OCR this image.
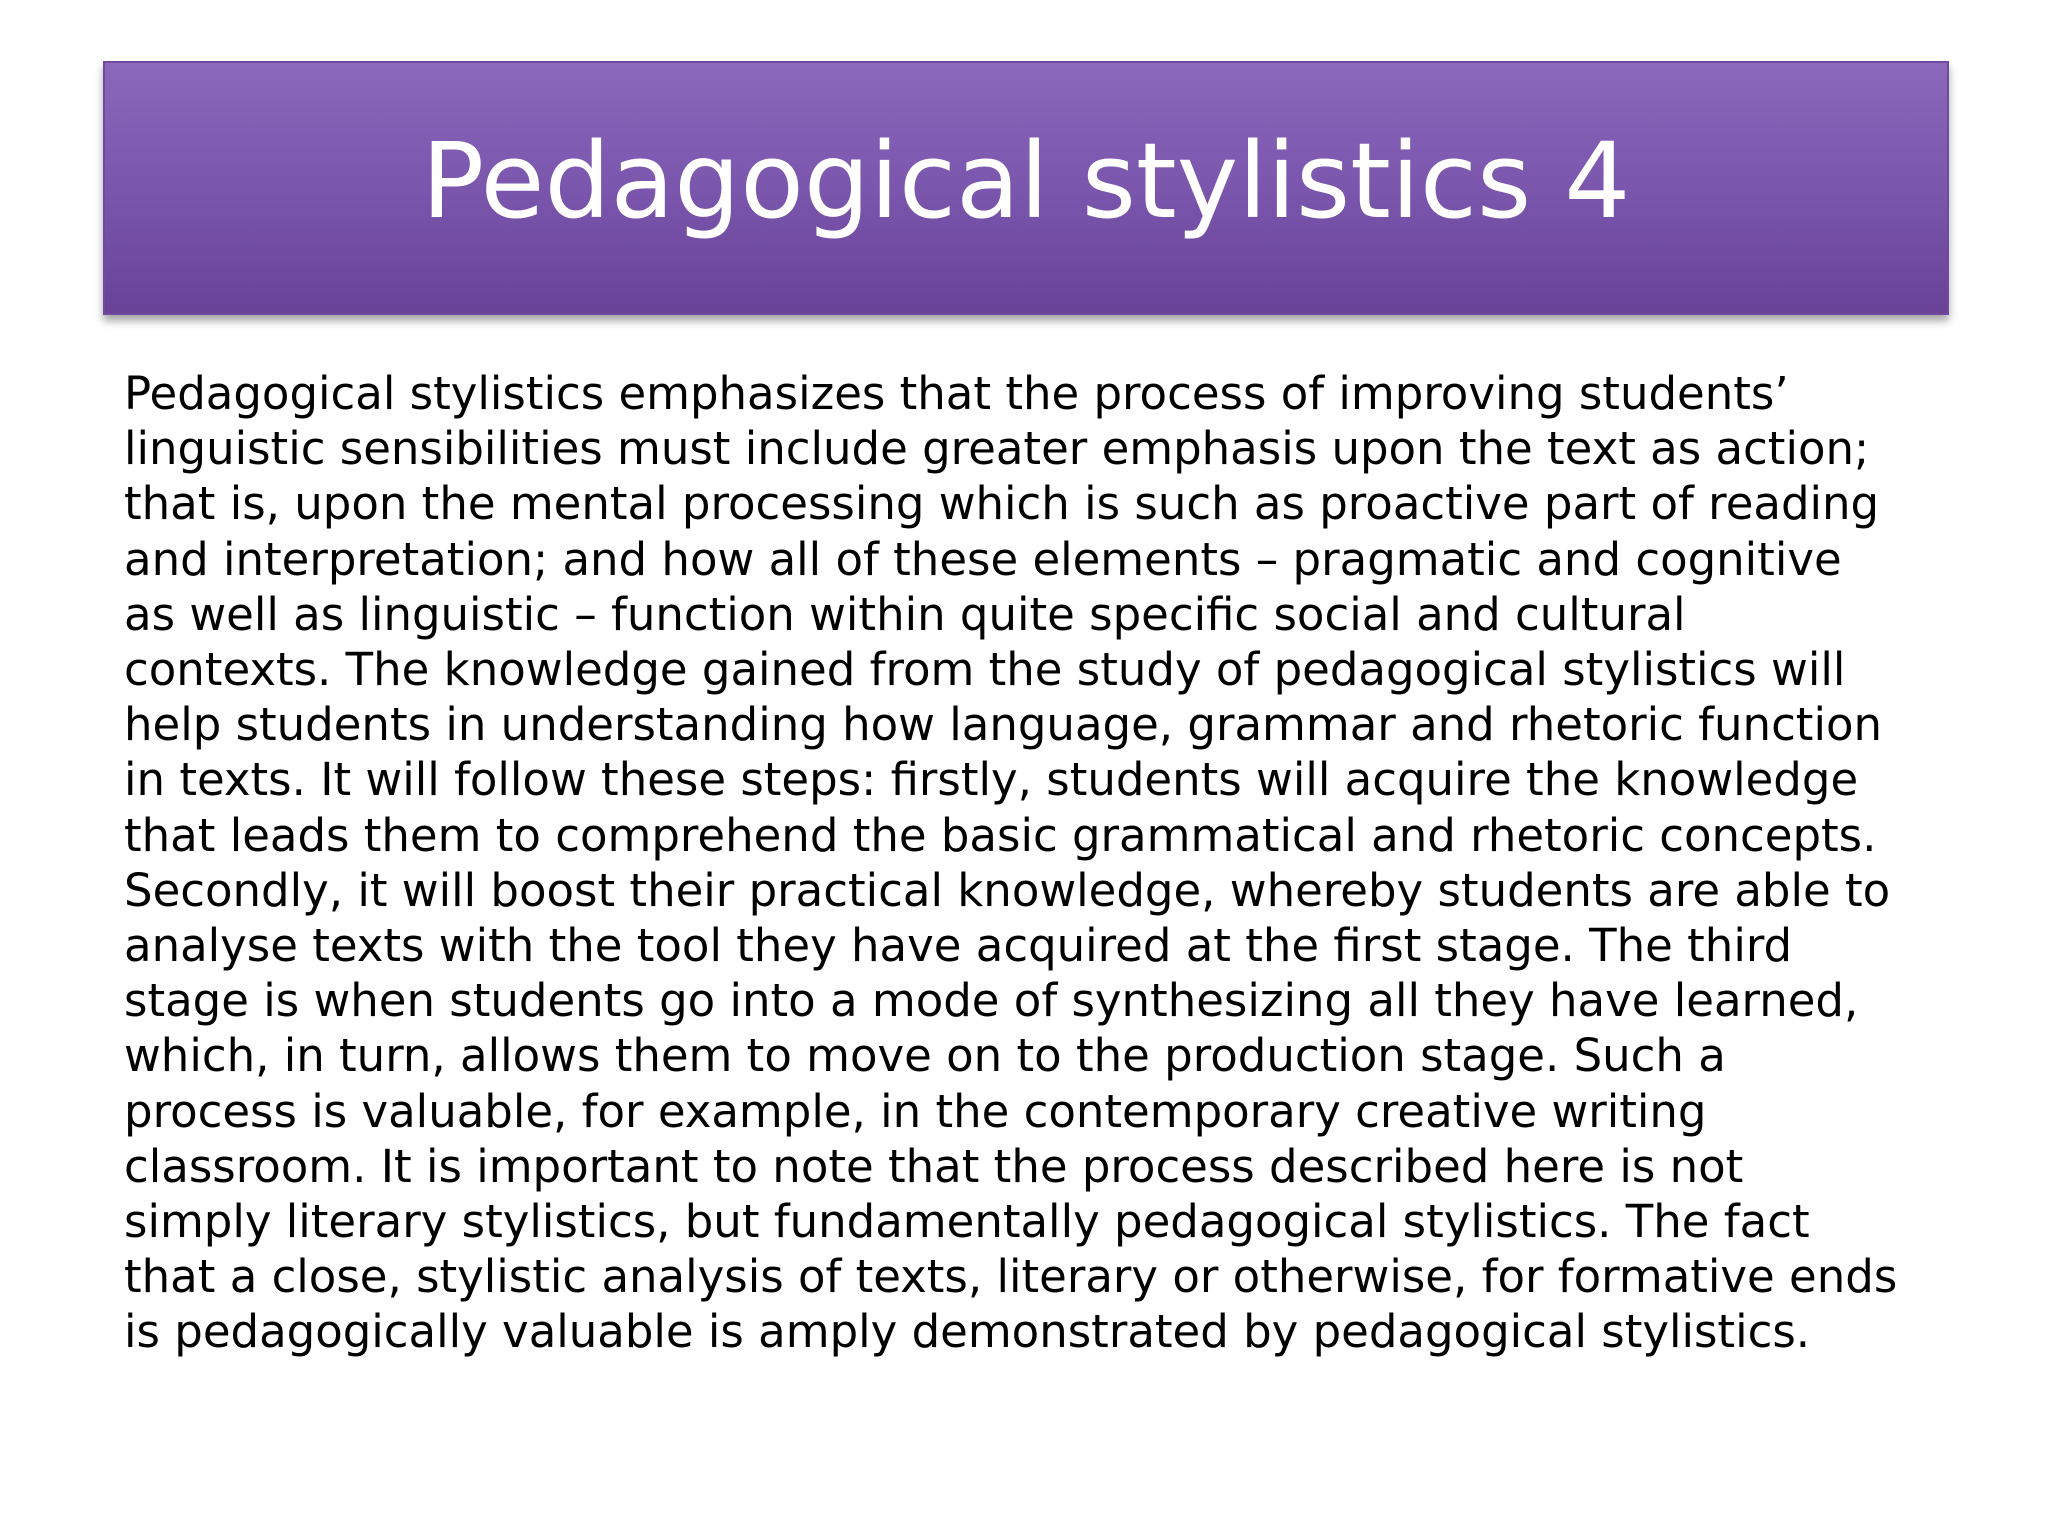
Pedagogical stylistics 4
Pedagogical stylistics emphasizes that the process of improving students’
linguistic sensibilities must include greater emphasis upon the text as action;
that is, upon the mental processing which is such as proactive part of reading
and interpretation; and how all of these elements – pragmatic and cognitive
as well as linguistic – function within quite specific social and cultural
contexts. The knowledge gained from the study of pedagogical stylistics will
help students in understanding how language, grammar and rhetoric function
in texts. It will follow these steps: firstly, students will acquire the knowledge
that leads them to comprehend the basic grammatical and rhetoric concepts.
Secondly, it will boost their practical knowledge, whereby students are able to
analyse texts with the tool they have acquired at the first stage. The third
stage is when students go into a mode of synthesizing all they have learned,
which, in turn, allows them to move on to the production stage. Such a
process is valuable, for example, in the contemporary creative writing
classroom. It is important to note that the process described here is not
simply literary stylistics, but fundamentally pedagogical stylistics. The fact
that a close, stylistic analysis of texts, literary or otherwise, for formative ends
is pedagogically valuable is amply demonstrated by pedagogical stylistics.
